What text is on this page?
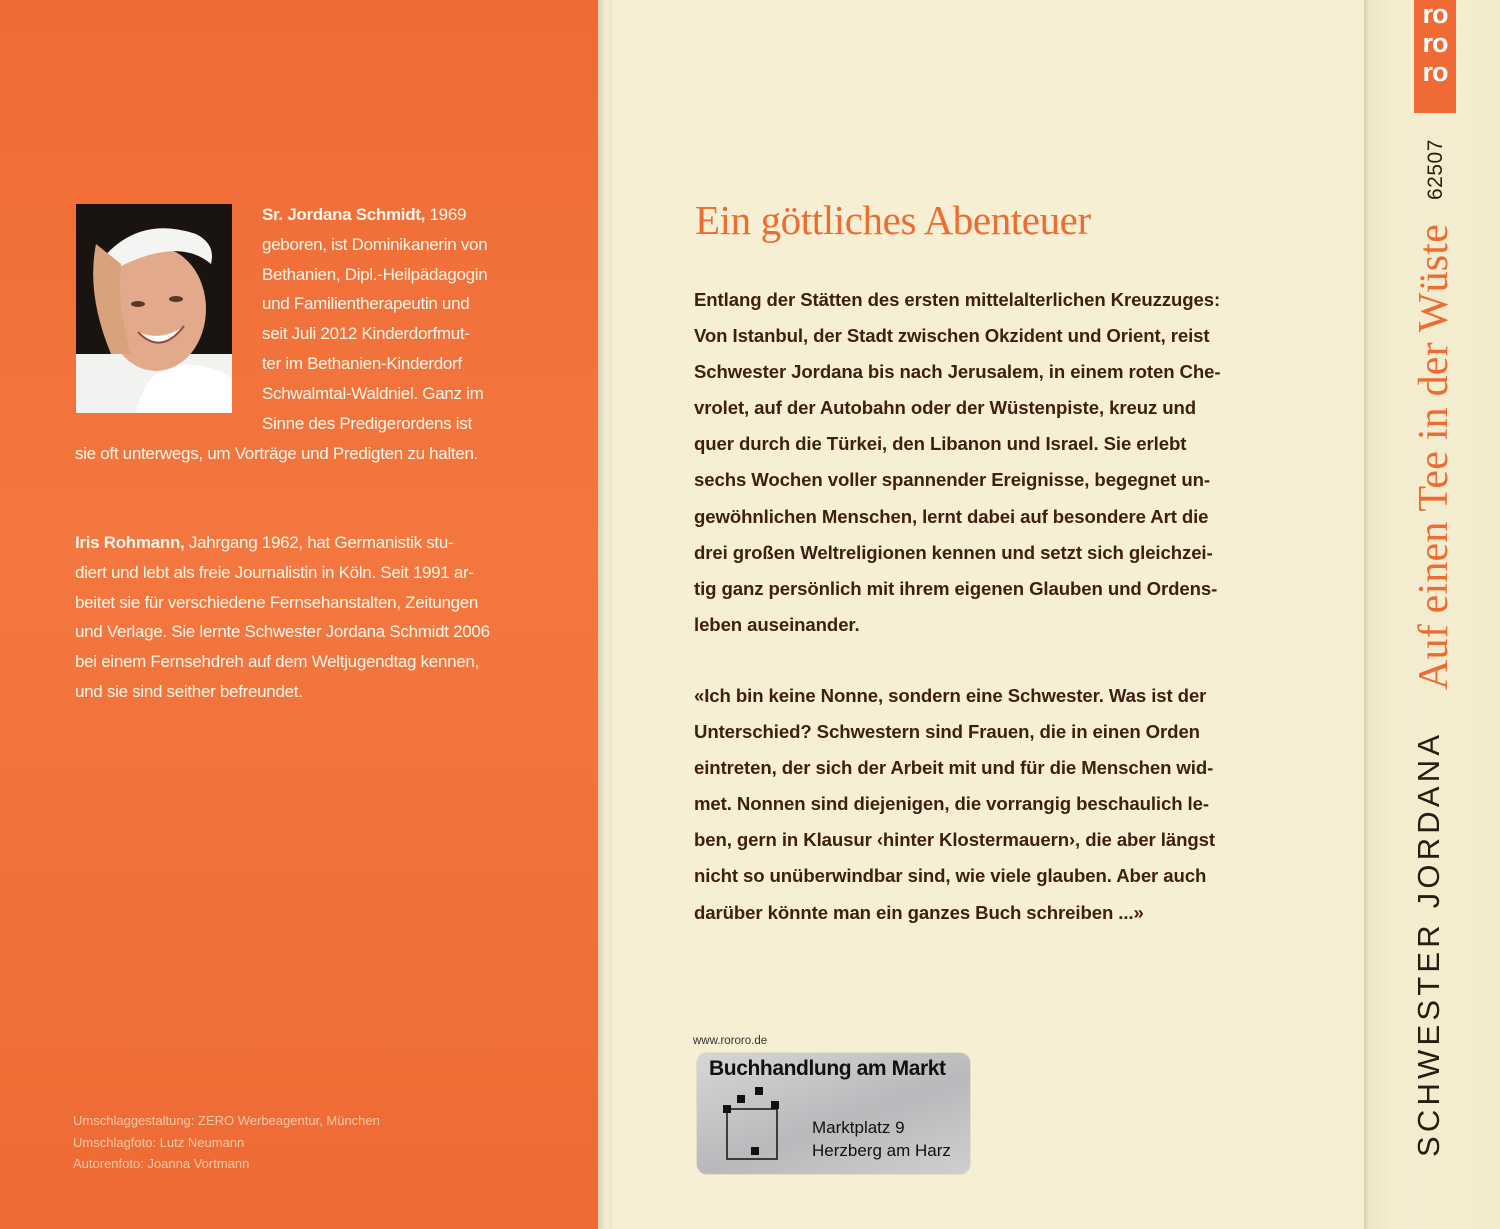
Sr. Jordana Schmidt, 1969
geboren, ist Dominikanerin von
Bethanien, Dipl.-Heilpädagogin
und Familientherapeutin und
seit Juli 2012 Kinderdorfmut-
ter im Bethanien-Kinderdorf
Schwalmtal-Waldniel. Ganz im
Sinne des Predigerordens ist
sie oft unterwegs, um Vorträge und Predigten zu halten.
Iris Rohmann, Jahrgang 1962, hat Germanistik stu-
diert und lebt als freie Journalistin in Köln. Seit 1991 ar-
beitet sie für verschiedene Fernsehanstalten, Zeitungen
und Verlage. Sie lernte Schwester Jordana Schmidt 2006
bei einem Fernsehdreh auf dem Weltjugendtag kennen,
und sie sind seither befreundet.
Umschlaggestaltung: ZERO Werbeagentur, München
Umschlagfoto: Lutz Neumann
Autorenfoto: Joanna Vortmann
Ein göttliches Abenteuer
Entlang der Stätten des ersten mittelalterlichen Kreuzzuges:
Von Istanbul, der Stadt zwischen Okzident und Orient, reist
Schwester Jordana bis nach Jerusalem, in einem roten Che-
vrolet, auf der Autobahn oder der Wüstenpiste, kreuz und
quer durch die Türkei, den Libanon und Israel. Sie erlebt
sechs Wochen voller spannender Ereignisse, begegnet un-
gewöhnlichen Menschen, lernt dabei auf besondere Art die
drei großen Weltreligionen kennen und setzt sich gleichzei-
tig ganz persönlich mit ihrem eigenen Glauben und Ordens-
leben auseinander.
«Ich bin keine Nonne, sondern eine Schwester. Was ist der
Unterschied? Schwestern sind Frauen, die in einen Orden
eintreten, der sich der Arbeit mit und für die Menschen wid-
met. Nonnen sind diejenigen, die vorrangig beschaulich le-
ben, gern in Klausur ‹hinter Klostermauern›, die aber längst
nicht so unüberwindbar sind, wie viele glauben. Aber auch
darüber könnte man ein ganzes Buch schreiben ...»
www.rororo.de
Buchhandlung am Markt
Marktplatz 9
Herzberg am Harz
ro
ro
ro
62507
Auf einen Tee in der Wüste
SCHWESTER JORDANA
